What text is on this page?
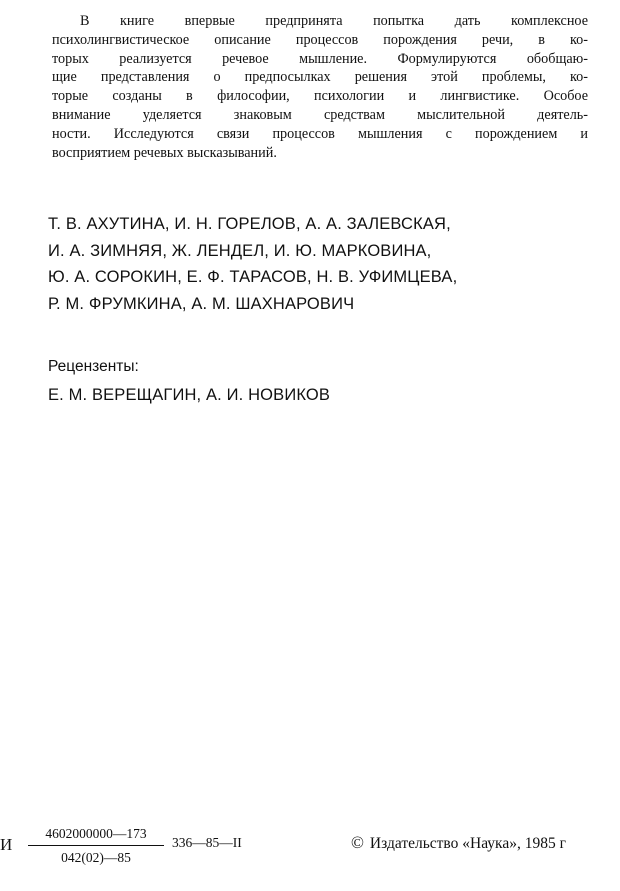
В книге впервые предпринята попытка дать комплексное
психолингвистическое описание процессов порождения речи, в ко-
торых реализуется речевое мышление. Формулируются обобщаю-
щие представления о предпосылках решения этой проблемы, ко-
торые созданы в философии, психологии и лингвистике. Особое
внимание уделяется знаковым средствам мыслительной деятель-
ности. Исследуются связи процессов мышления с порождением и
восприятием речевых высказываний.
Т. В. АХУТИНА, И. Н. ГОРЕЛОВ, А. А. ЗАЛЕВСКАЯ,
И. А. ЗИМНЯЯ, Ж. ЛЕНДЕЛ, И. Ю. МАРКОВИНА,
Ю. А. СОРОКИН, Е. Ф. ТАРАСОВ, Н. В. УФИМЦЕВА,
Р. М. ФРУМКИНА, А. М. ШАХНАРОВИЧ
Рецензенты:
Е. М. ВЕРЕЩАГИН, А. И. НОВИКОВ
И
4602000000—173
042(02)—85
336—85—II	© Издательство «Наука», 1985 г
